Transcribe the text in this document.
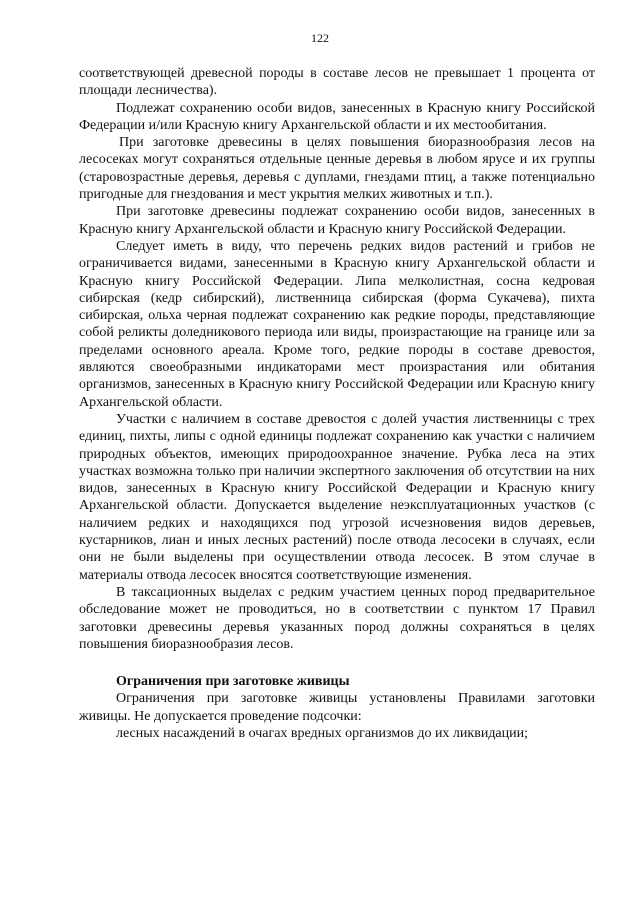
122

соответствующей древесной породы в составе лесов не превышает 1 процента от площади лесничества).

Подлежат сохранению особи видов, занесенных в Красную книгу Российской Федерации и/или Красную книгу Архангельской области и их местообитания.

При заготовке древесины в целях повышения биоразнообразия лесов на лесосеках могут сохраняться отдельные ценные деревья в любом ярусе и их группы (старовозрастные деревья, деревья с дуплами, гнездами птиц, а также потенциально пригодные для гнездования и мест укрытия мелких животных и т.п.).

При заготовке древесины подлежат сохранению особи видов, занесенных в Красную книгу Архангельской области и Красную книгу Российской Федерации.

Следует иметь в виду, что перечень редких видов растений и грибов не ограничивается видами, занесенными в Красную книгу Архангельской области и Красную книгу Российской Федерации. Липа мелколистная, сосна кедровая сибирская (кедр сибирский), лиственница сибирская (форма Сукачева), пихта сибирская, ольха черная подлежат сохранению как редкие породы, представляющие собой реликты доледникового периода или виды, произрастающие на границе или за пределами основного ареала. Кроме того, редкие породы в составе древостоя, являются своеобразными индикаторами мест произрастания или обитания организмов, занесенных в Красную книгу Российской Федерации или Красную книгу Архангельской области.

Участки с наличием в составе древостоя с долей участия лиственницы с трех единиц, пихты, липы с одной единицы подлежат сохранению как участки с наличием природных объектов, имеющих природоохранное значение. Рубка леса на этих участках возможна только при наличии экспертного заключения об отсутствии на них видов, занесенных в Красную книгу Российской Федерации и Красную книгу Архангельской области. Допускается выделение неэксплуатационных участков (с наличием редких и находящихся под угрозой исчезновения видов деревьев, кустарников, лиан и иных лесных растений) после отвода лесосеки в случаях, если они не были выделены при осуществлении отвода лесосек. В этом случае в материалы отвода лесосек вносятся соответствующие изменения.

В таксационных выделах с редким участием ценных пород предварительное обследование может не проводиться, но в соответствии с пунктом 17 Правил заготовки древесины деревья указанных пород должны сохраняться в целях повышения биоразнообразия лесов.

Ограничения при заготовке живицы

Ограничения при заготовке живицы установлены Правилами заготовки живицы. Не допускается проведение подсочки:

лесных насаждений в очагах вредных организмов до их ликвидации;
